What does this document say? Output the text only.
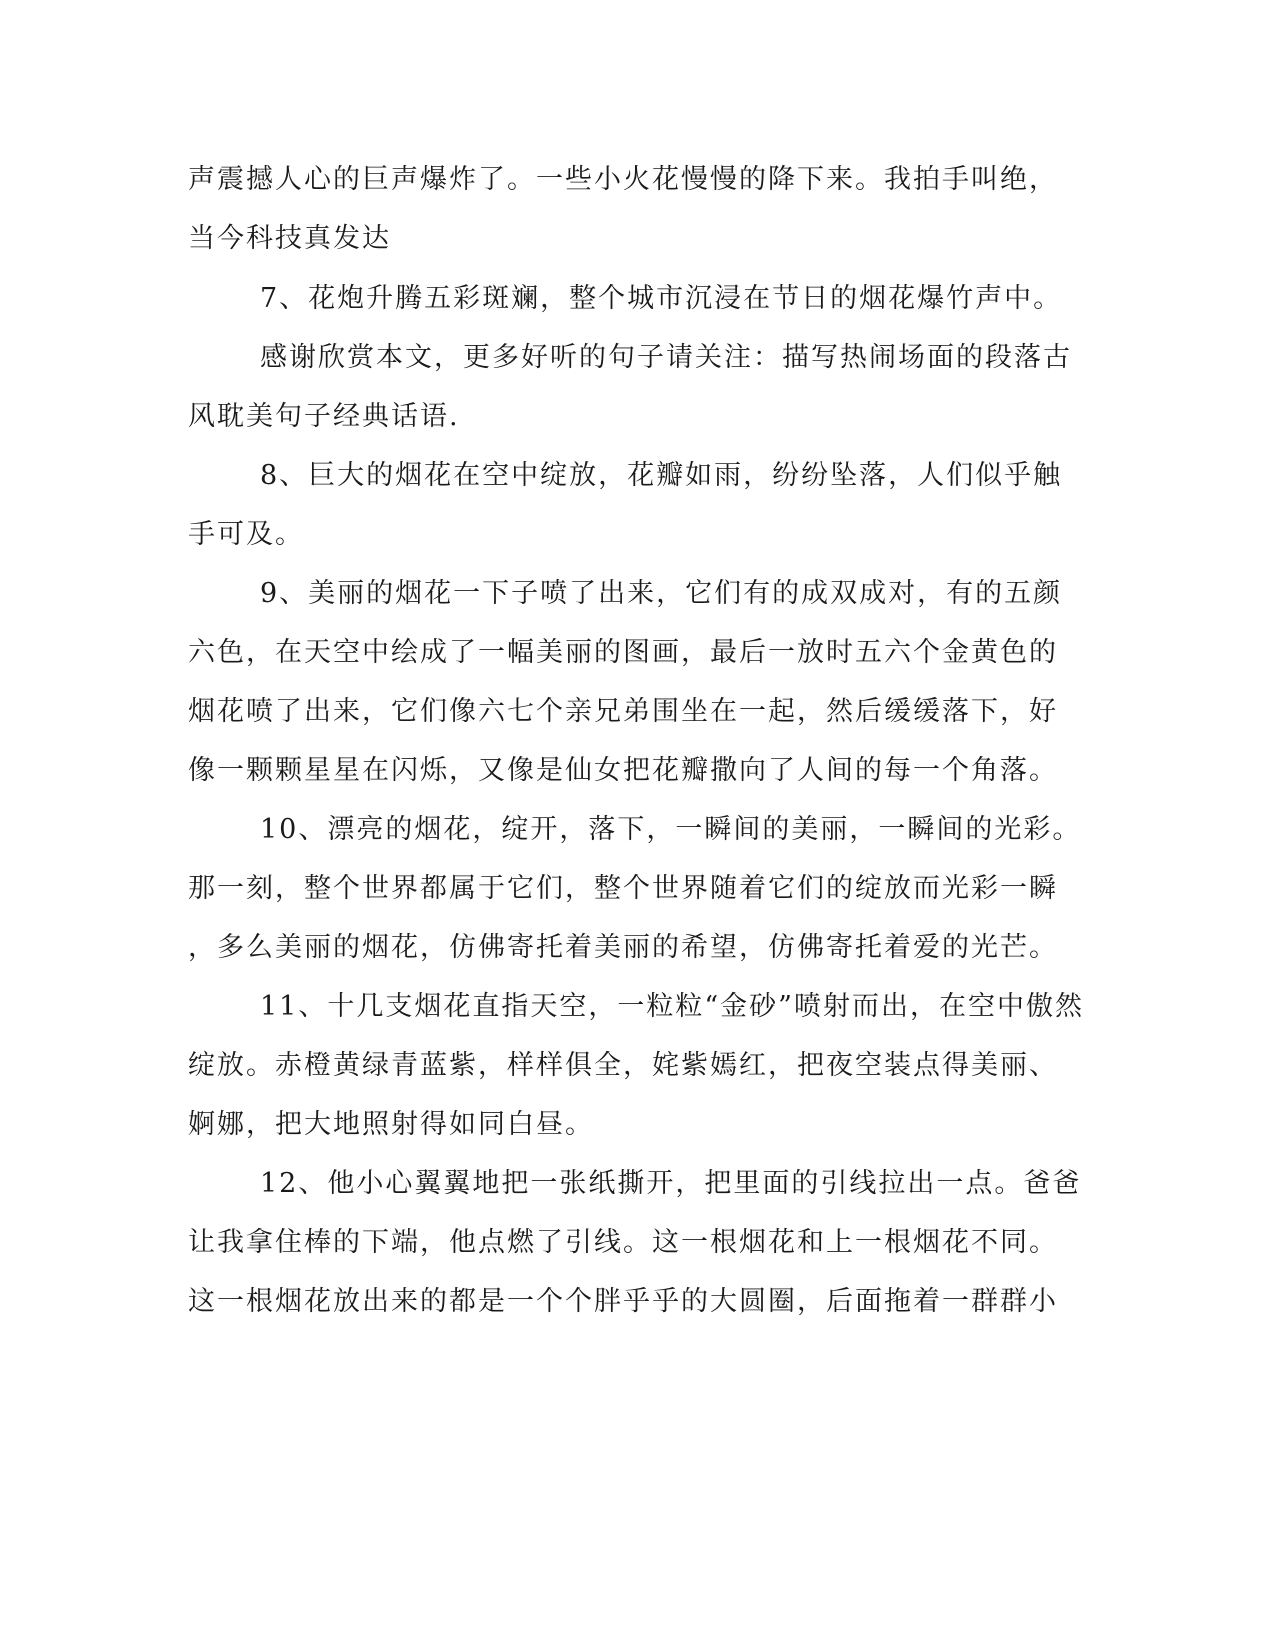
声震撼人心的巨声爆炸了。一些小火花慢慢的降下来。我拍手叫绝，
当今科技真发达
7、花炮升腾五彩斑斓，整个城市沉浸在节日的烟花爆竹声中。
感谢欣赏本文，更多好听的句子请关注：描写热闹场面的段落古
风耽美句子经典话语.
8、巨大的烟花在空中绽放，花瓣如雨，纷纷坠落，人们似乎触
手可及。
9、美丽的烟花一下子喷了出来，它们有的成双成对，有的五颜
六色，在天空中绘成了一幅美丽的图画，最后一放时五六个金黄色的
烟花喷了出来，它们像六七个亲兄弟围坐在一起，然后缓缓落下，好
像一颗颗星星在闪烁，又像是仙女把花瓣撒向了人间的每一个角落。
10、漂亮的烟花，绽开，落下，一瞬间的美丽，一瞬间的光彩。
那一刻，整个世界都属于它们，整个世界随着它们的绽放而光彩一瞬
，多么美丽的烟花，仿佛寄托着美丽的希望，仿佛寄托着爱的光芒。
11、十几支烟花直指天空，一粒粒“金砂”喷射而出，在空中傲然
绽放。赤橙黄绿青蓝紫，样样俱全，姹紫嫣红，把夜空装点得美丽、
婀娜，把大地照射得如同白昼。
12、他小心翼翼地把一张纸撕开，把里面的引线拉出一点。爸爸
让我拿住棒的下端，他点燃了引线。这一根烟花和上一根烟花不同。
这一根烟花放出来的都是一个个胖乎乎的大圆圈，后面拖着一群群小
